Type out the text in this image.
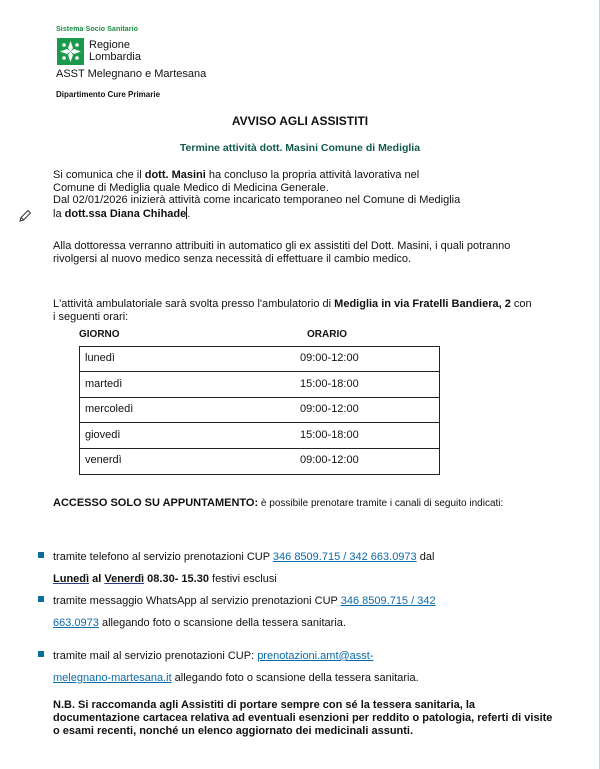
Sistema Socio Sanitario
Regione
Lombardia
ASST Melegnano e Martesana
Dipartimento Cure Primarie
AVVISO AGLI ASSISTITI
Termine attività dott. Masini Comune di Mediglia
Si comunica che il dott. Masini ha concluso la propria attività lavorativa nel
Comune di Mediglia quale Medico di Medicina Generale.
Dal 02/01/2026 inizierà attività come incaricato temporaneo nel Comune di Mediglia
la dott.ssa Diana Chihade.
Alla dottoressa verranno attribuiti in automatico gli ex assistiti del Dott. Masini, i quali potranno rivolgersi al nuovo medico senza necessità di effettuare il cambio medico.
L'attività ambulatoriale sarà svolta presso l'ambulatorio di Mediglia in via Fratelli Bandiera, 2 con i seguenti orari:
GIORNO	ORARIO
lunedì	09:00-12:00
martedì	15:00-18:00
mercoledì	09:00-12:00
giovedì	15:00-18:00
venerdì	09:00-12:00
ACCESSO SOLO SU APPUNTAMENTO: è possibile prenotare tramite i canali di seguito indicati:
tramite telefono al servizio prenotazioni CUP 346 8509.715 / 342 663.0973 dal
Lunedì al Venerdì 08.30- 15.30 festivi esclusi
tramite messaggio WhatsApp al servizio prenotazioni CUP 346 8509.715 / 342
663.0973 allegando foto o scansione della tessera sanitaria.
tramite mail al servizio prenotazioni CUP: prenotazioni.amt@asst-
melegnano-martesana.it allegando foto o scansione della tessera sanitaria.
N.B. Si raccomanda agli Assistiti di portare sempre con sé la tessera sanitaria, la documentazione cartacea relativa ad eventuali esenzioni per reddito o patologia, referti di visite o esami recenti, nonché un elenco aggiornato dei medicinali assunti.
